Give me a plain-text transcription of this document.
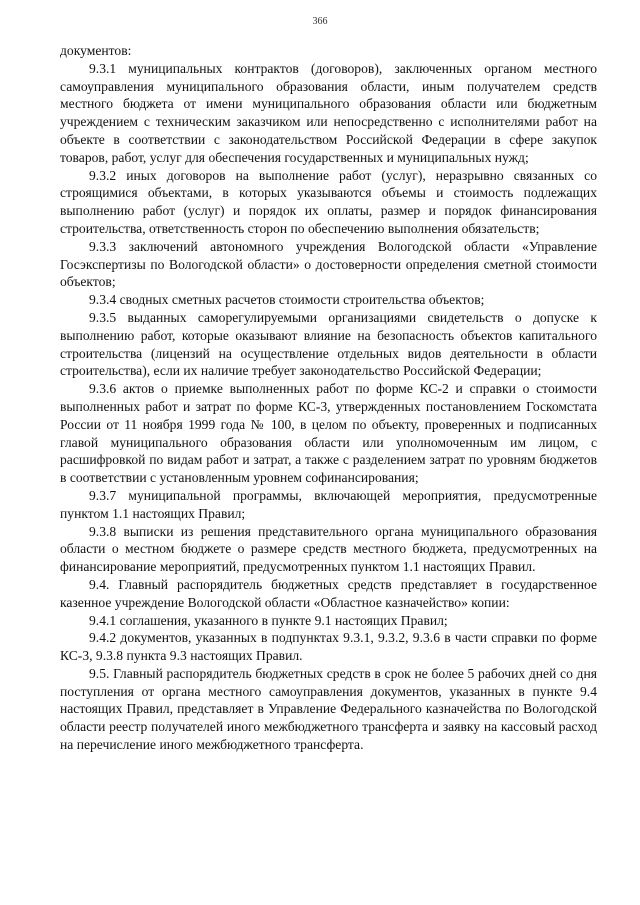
366

документов:

9.3.1 муниципальных контрактов (договоров), заключенных органом местного самоуправления муниципального образования области, иным получателем средств местного бюджета от имени муниципального образования области или бюджетным учреждением с техническим заказчиком или непосредственно с исполнителями работ на объекте в соответствии с законодательством Российской Федерации в сфере закупок товаров, работ, услуг для обеспечения государственных и муниципальных нужд;

9.3.2 иных договоров на выполнение работ (услуг), неразрывно связанных со строящимися объектами, в которых указываются объемы и стоимость подлежащих выполнению работ (услуг) и порядок их оплаты, размер и порядок финансирования строительства, ответственность сторон по обеспечению выполнения обязательств;

9.3.3 заключений автономного учреждения Вологодской области «Управление Госэкспертизы по Вологодской области» о достоверности определения сметной стоимости объектов;

9.3.4 сводных сметных расчетов стоимости строительства объектов;

9.3.5 выданных саморегулируемыми организациями свидетельств о допуске к выполнению работ, которые оказывают влияние на безопасность объектов капитального строительства (лицензий на осуществление отдельных видов деятельности в области строительства), если их наличие требует законодательство Российской Федерации;

9.3.6 актов о приемке выполненных работ по форме КС-2 и справки о стоимости выполненных работ и затрат по форме КС-3, утвержденных постановлением Госкомстата России от 11 ноября 1999 года № 100, в целом по объекту, проверенных и подписанных главой муниципального образования области или уполномоченным им лицом, с расшифровкой по видам работ и затрат, а также с разделением затрат по уровням бюджетов в соответствии с установленным уровнем софинансирования;

9.3.7 муниципальной программы, включающей мероприятия, предусмотренные пунктом 1.1 настоящих Правил;

9.3.8 выписки из решения представительного органа муниципального образования области о местном бюджете о размере средств местного бюджета, предусмотренных на финансирование мероприятий, предусмотренных пунктом 1.1 настоящих Правил.

9.4. Главный распорядитель бюджетных средств представляет в государственное казенное учреждение Вологодской области «Областное казначейство» копии:

9.4.1 соглашения, указанного в пункте 9.1 настоящих Правил;

9.4.2 документов, указанных в подпунктах 9.3.1, 9.3.2, 9.3.6 в части справки по форме КС-3, 9.3.8 пункта 9.3 настоящих Правил.

9.5. Главный распорядитель бюджетных средств в срок не более 5 рабочих дней со дня поступления от органа местного самоуправления документов, указанных в пункте 9.4 настоящих Правил, представляет в Управление Федерального казначейства по Вологодской области реестр получателей иного межбюджетного трансферта и заявку на кассовый расход на перечисление иного межбюджетного трансферта.
